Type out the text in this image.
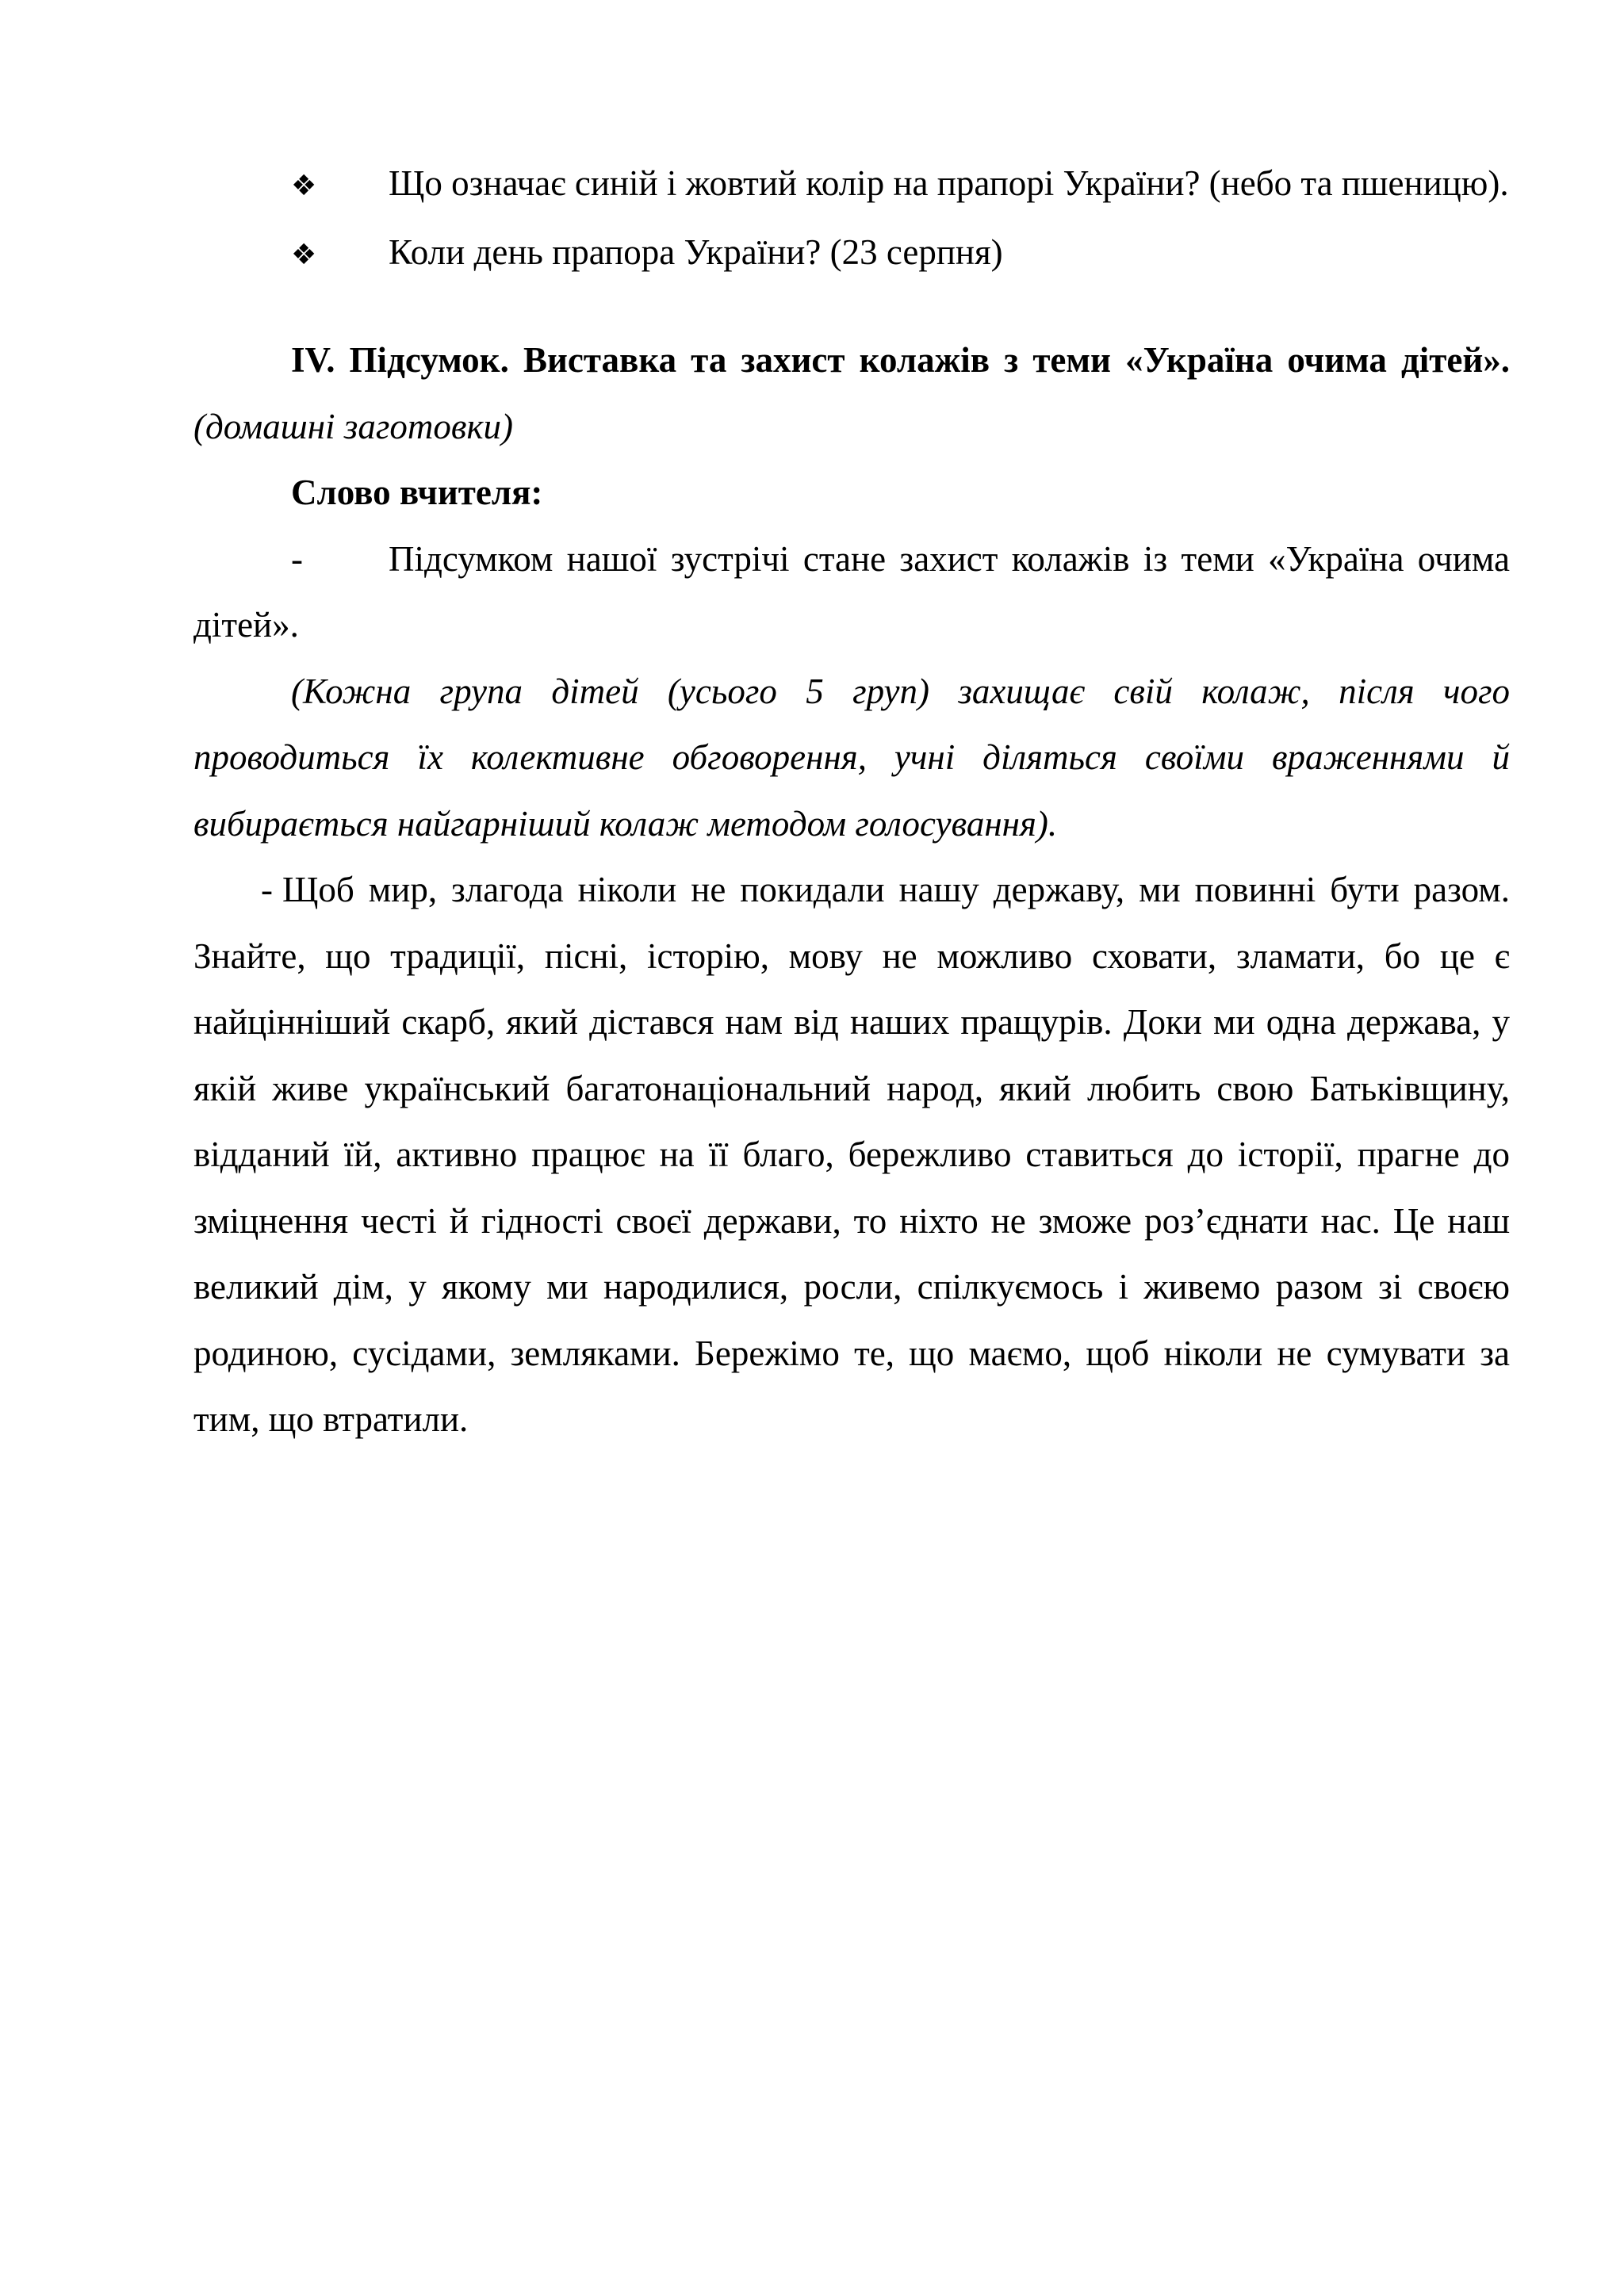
❖ Що означає синій і жовтий колір на прапорі України? (небо та пшеницю).

❖ Коли день прапора України? (23 серпня)

IV. Підсумок. Виставка та захист колажів з теми «Україна очима дітей». (домашні заготовки)

Слово вчителя:

- Підсумком нашої зустрічі стане захист колажів із теми «Україна очима дітей».

(Кожна група дітей (усього 5 груп) захищає свій колаж, після чого проводиться їх колективне обговорення, учні діляться своїми враженнями й вибирається найгарніший колаж методом голосування).

- Щоб мир, злагода ніколи не покидали нашу державу, ми повинні бути разом. Знайте, що традиції, пісні, історію, мову не можливо сховати, зламати, бо це є найцінніший скарб, який дістався нам від наших пращурів. Доки ми одна держава, у якій живе український багатонаціональний народ, який любить свою Батьківщину, відданий їй, активно працює на її благо, бережливо ставиться до історії, прагне до зміцнення честі й гідності своєї держави, то ніхто не зможе роз’єднати нас. Це наш великий дім, у якому ми народилися, росли, спілкуємось і живемо разом зі своєю родиною, сусідами, земляками. Бережімо те, що маємо, щоб ніколи не сумувати за тим, що втратили.
